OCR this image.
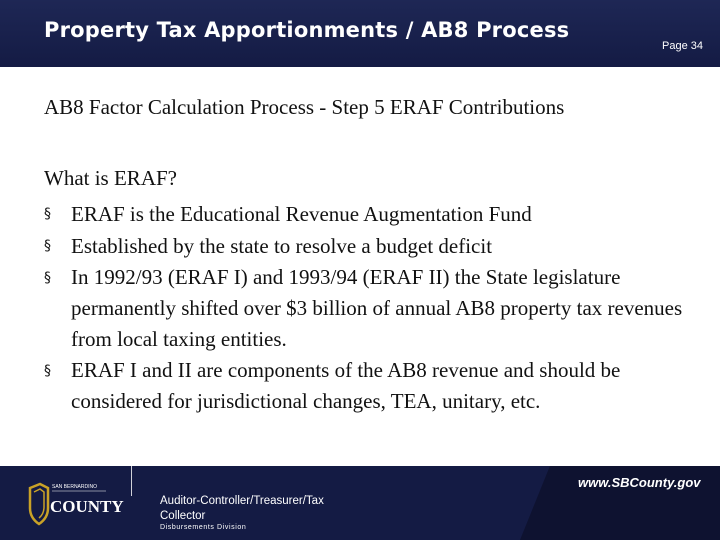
Property Tax Apportionments / AB8 Process
Page 34
AB8 Factor Calculation Process - Step 5 ERAF Contributions
What is ERAF?
§ ERAF is the Educational Revenue Augmentation Fund
§ Established by the state to resolve a budget deficit
§ In 1992/93 (ERAF I) and 1993/94 (ERAF II) the State legislature permanently shifted over $3 billion of annual AB8 property tax revenues from local taxing entities.
§ ERAF I and II are components of the AB8 revenue and should be considered for jurisdictional changes, TEA, unitary, etc.
SAN BERNARDINO
COUNTY	Auditor-Controller/Treasurer/Tax Collector
Disbursements Division
www.SBCounty.gov
